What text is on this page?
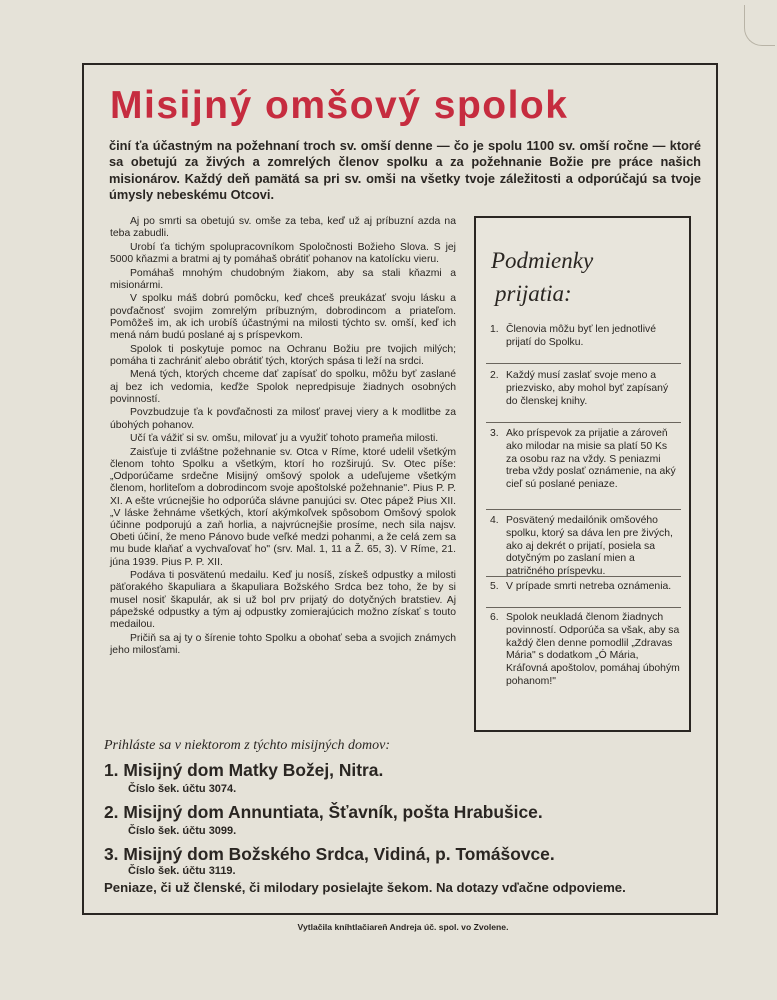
Misijný omšový spolok
činí ťa účastným na požehnaní troch sv. omší denne — čo je spolu 1100 sv. omší ročne — ktoré sa obetujú za živých a zomrelých členov spolku a za požehnanie Božie pre práce našich misionárov. Každý deň pamätá sa pri sv. omši na všetky tvoje záležitosti a odporúčajú sa tvoje úmysly nebeskému Otcovi.

Aj po smrti sa obetujú sv. omše za teba, keď už aj príbuzní azda na teba zabudli.

Urobí ťa tichým spolupracovníkom Spoločnosti Božieho Slova. S jej 5000 kňazmi a bratmi aj ty pomáhaš obrátiť pohanov na katolícku vieru.

Pomáhaš mnohým chudobným žiakom, aby sa stali kňazmi a misionármi.

V spolku máš dobrú pomôcku, keď chceš preukázať svoju lásku a povďačnosť svojim zomrelým príbuzným, dobrodincom a priateľom. Pomôžeš im, ak ich urobíš účastnými na milosti týchto sv. omší, keď ich mená nám budú poslané aj s príspevkom.

Spolok ti poskytuje pomoc na Ochranu Božiu pre tvojich milých; pomáha ti zachrániť alebo obrátiť tých, ktorých spása ti leží na srdci.

Mená tých, ktorých chceme dať zapísať do spolku, môžu byť zaslané aj bez ich vedomia, keďže Spolok nepredpisuje žiadnych osobných povinností.

Povzbudzuje ťa k povďačnosti za milosť pravej viery a k modlitbe za úbohých pohanov.

Učí ťa vážiť si sv. omšu, milovať ju a využiť tohoto prameňa milosti.

Zaisťuje ti zvláštne požehnanie sv. Otca v Ríme, ktoré udelil všetkým členom tohto Spolku a všetkým, ktorí ho rozširujú. Sv. Otec píše: „Odporúčame srdečne Misijný omšový spolok a udeľujeme všetkým členom, horliteľom a dobrodincom svoje apoštolské požehnanie". Pius P. P. XI. A ešte vrúcnejšie ho odporúča slávne panujúci sv. Otec pápež Pius XII. „V láske žehnáme všetkých, ktorí akýmkoľvek spôsobom Omšový spolok účinne podporujú a zaň horlia, a najvrúcnejšie prosíme, nech sila najsv. Obeti účiní, že meno Pánovo bude veľké medzi pohanmi, a že celá zem sa mu bude klaňať a vychvaľovať ho" (srv. Mal. 1, 11 a Ž. 65, 3). V Ríme, 21. júna 1939. Pius P. P. XII.

Podáva ti posvätenú medailu. Keď ju nosíš, získeš odpustky a milosti päťorakého škapuliara a škapuliara Božského Srdca bez toho, že by si musel nosiť škapulár, ak si už bol prv prijatý do dotyčných bratstiev. Aj pápežské odpustky a tým aj odpustky zomierajúcich možno získať s touto medailou.

Pričiň sa aj ty o šírenie tohto Spolku a obohať seba a svojich známych jeho milosťami.

Podmienky
prijatia:
1. Členovia môžu byť len jednotlivé prijatí do Spolku.
2. Každý musí zaslať svoje meno a priezvisko, aby mohol byť zapísaný do členskej knihy.
3. Ako príspevok za prijatie a zároveň ako milodar na misie sa platí 50 Ks za osobu raz na vždy. S peniazmi treba vždy poslať oznámenie, na aký cieľ sú poslané peniaze.
4. Posvätený medailónik omšového spolku, ktorý sa dáva len pre živých, ako aj dekrét o prijatí, posiela sa dotyčným po zaslaní mien a patričného príspevku.
5. V prípade smrti netreba oznámenia.
6. Spolok neukladá členom žiadnych povinností. Odporúča sa však, aby sa každý člen denne pomodlil „Zdravas Mária" s dodatkom „Ó Mária, Kráľovná apoštolov, pomáhaj úbohým pohanom!"
Prihláste sa v niektorom z týchto misijných domov:
1. Misijný dom Matky Božej, Nitra.
Číslo šek. účtu 3074.
2. Misijný dom Annuntiata, Šťavník, pošta Hrabušice.
Číslo šek. účtu 3099.
3. Misijný dom Božského Srdca, Vidiná, p. Tomášovce.
Číslo šek. účtu 3119.
Peniaze, či už členské, či milodary posielajte šekom. Na dotazy vďačne odpovieme.
Vytlačila kníhtlačiareň Andreja úč. spol. vo Zvolene.
